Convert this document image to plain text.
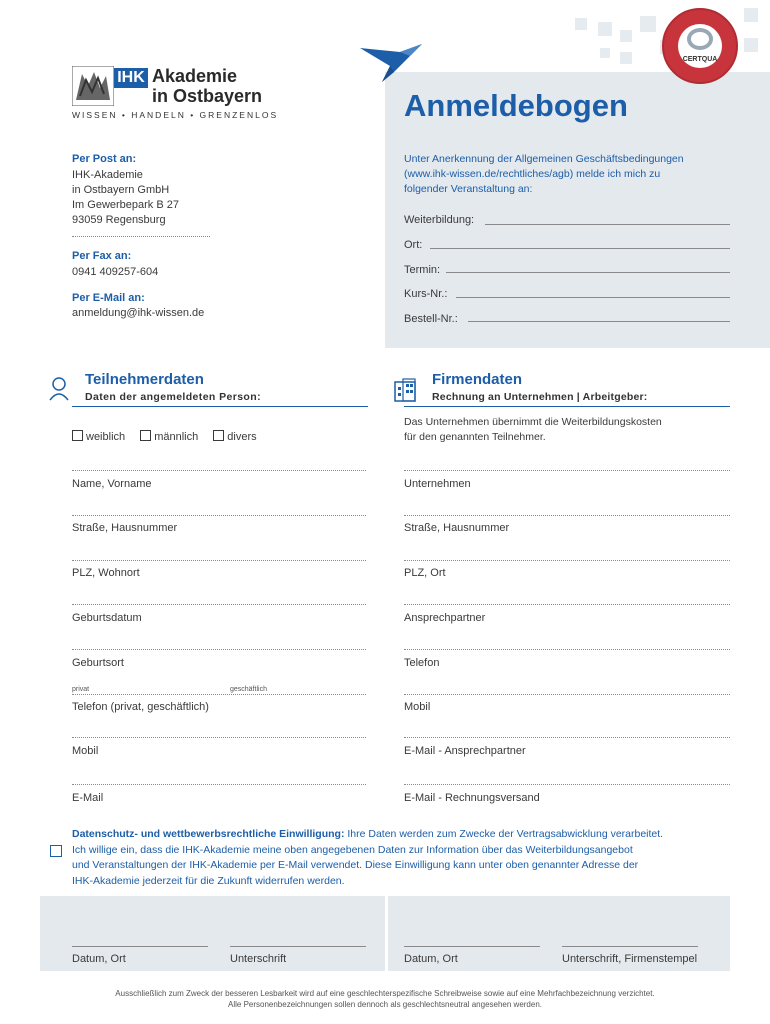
CERTQUA
IHK Akademie
in Ostbayern
WISSEN • HANDELN • GRENZENLOS	Anmeldebogen
Per Post an:
IHK-Akademie
in Ostbayern GmbH
Im Gewerbepark B 27
93059 Regensburg
Per Fax an:
0941 409257-604
Per E-Mail an:
anmeldung@ihk-wissen.de
Unter Anerkennung der Allgemeinen Geschäftsbedingungen
(www.ihk-wissen.de/rechtliches/agb) melde ich mich zu
folgender Veranstaltung an:
Weiterbildung:
Ort:
Termin:
Kurs-Nr.:
Bestell-Nr.:
Teilnehmerdaten
Daten der angemeldeten Person:
weiblich	männlich	divers
Name, Vorname
Straße, Hausnummer
PLZ, Wohnort
Geburtsdatum
Geburtsort
privat	geschäftlich
Telefon (privat, geschäftlich)
Mobil
E-Mail
Firmendaten
Rechnung an Unternehmen | Arbeitgeber:
Das Unternehmen übernimmt die Weiterbildungskosten
für den genannten Teilnehmer.
Unternehmen
Straße, Hausnummer
PLZ, Ort
Ansprechpartner
Telefon
Mobil
E-Mail - Ansprechpartner
E-Mail - Rechnungsversand
Datenschutz- und wettbewerbsrechtliche Einwilligung: Ihre Daten werden zum Zwecke der Vertragsabwicklung verarbeitet.
Ich willige ein, dass die IHK-Akademie meine oben angegebenen Daten zur Information über das Weiterbildungsangebot
und Veranstaltungen der IHK-Akademie per E-Mail verwendet. Diese Einwilligung kann unter oben genannter Adresse der
IHK-Akademie jederzeit für die Zukunft widerrufen werden.
Datum, Ort	Unterschrift	Datum, Ort	Unterschrift, Firmenstempel
Ausschließlich zum Zweck der besseren Lesbarkeit wird auf eine geschlechterspezifische Schreibweise sowie auf eine Mehrfachbezeichnung verzichtet.
Alle Personenbezeichnungen sollen dennoch als geschlechtsneutral angesehen werden.
